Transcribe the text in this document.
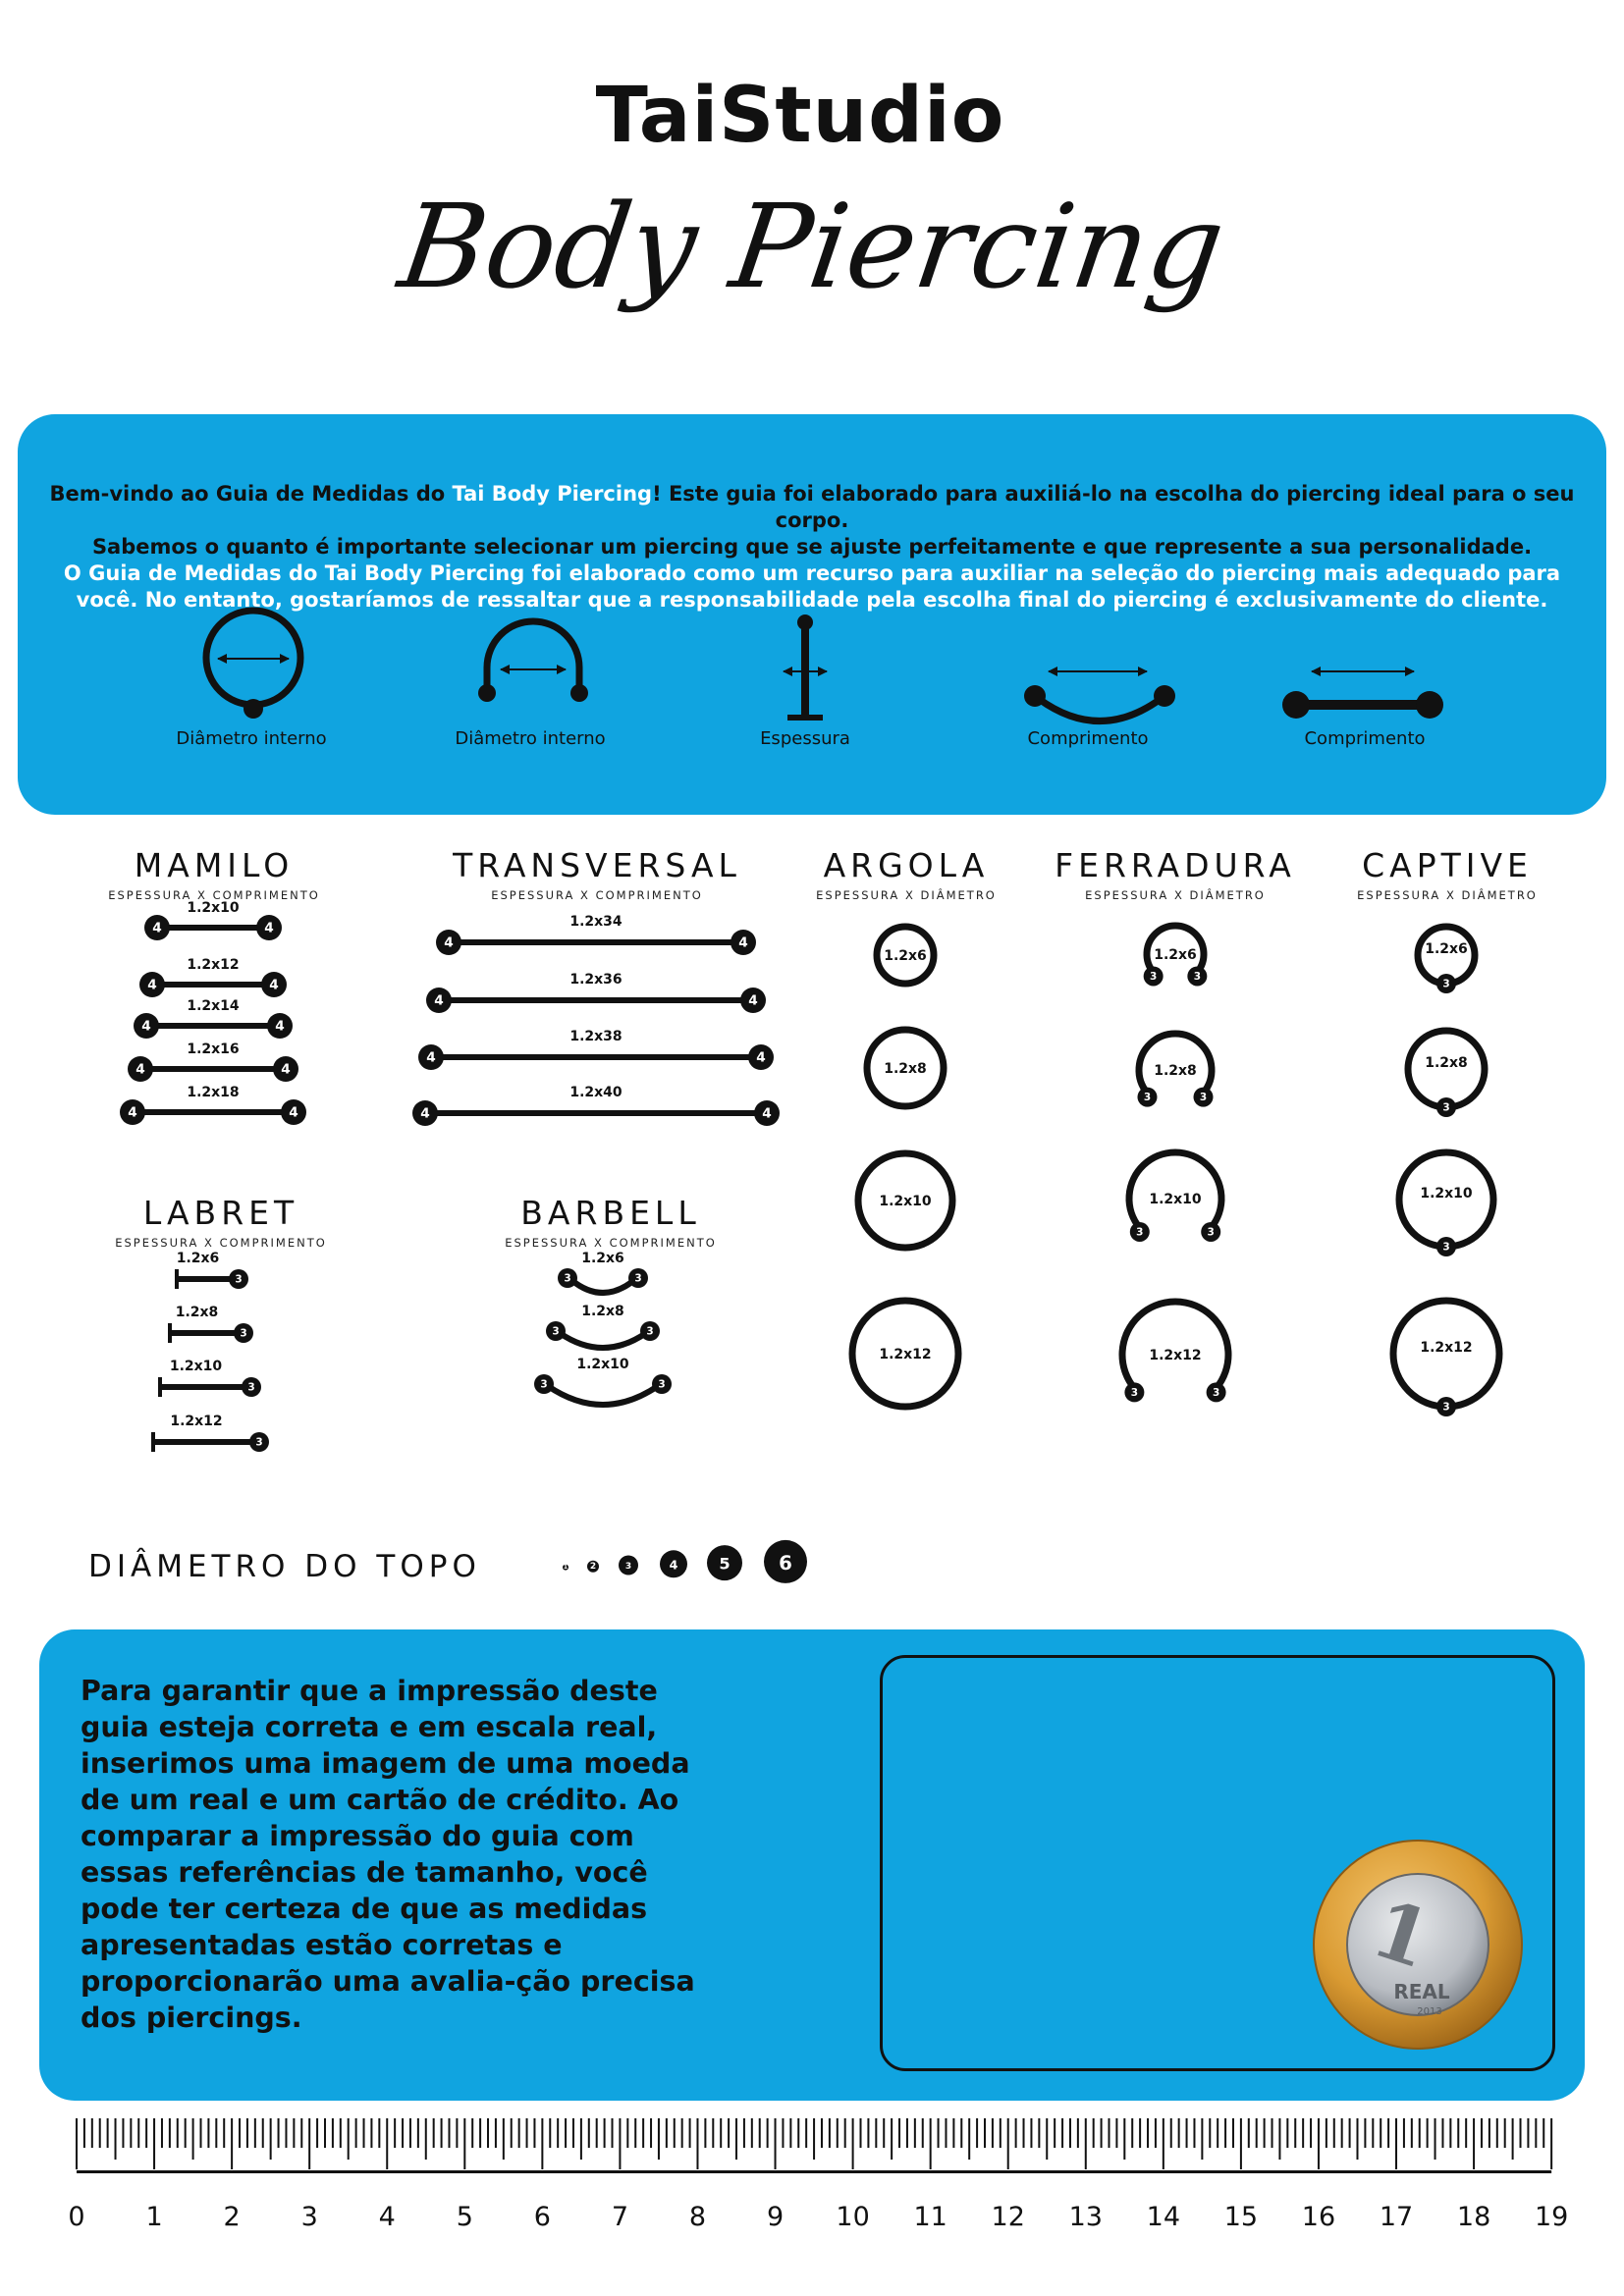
TaiStudio
Body Piercing
Bem-vindo ao Guia de Medidas do Tai Body Piercing! Este guia foi elaborado para auxiliá-lo na escolha do piercing ideal para o seu corpo.
Sabemos o quanto é importante selecionar um piercing que se ajuste perfeitamente e que represente a sua personalidade.
O Guia de Medidas do Tai Body Piercing foi elaborado como um recurso para auxiliar na seleção do piercing mais adequado para
você. No entanto, gostaríamos de ressaltar que a responsabilidade pela escolha final do piercing é exclusivamente do cliente.
Diâmetro interno	Diâmetro interno	Espessura	Comprimento	Comprimento
MAMILO
ESPESSURA X COMPRIMENTO
TRANSVERSAL
ESPESSURA X COMPRIMENTO
ARGOLA
ESPESSURA X DIÂMETRO
FERRADURA
ESPESSURA X DIÂMETRO
CAPTIVE
ESPESSURA X DIÂMETRO
LABRET
ESPESSURA X COMPRIMENTO
BARBELL
ESPESSURA X COMPRIMENTO
1.2x10
4	4
1.2x12
4	4
1.2x14
4	4
1.2x16
4	4
1.2x18
4	4
1.2x34
4	4
1.2x36
4	4
1.2x38
4	4
1.2x40
4	4
1.2x6
1.2x8
1.2x10
1.2x12
3	3
1.2x6
3	3
1.2x8
3	3
1.2x10
3	3
1.2x12
3
1.2x6
3
1.2x8
3
1.2x10
3
1.2x12
1.2x6
3
1.2x8
3
1.2x10
3
1.2x12
3
1.2x6
3	3
1.2x8
3	3
1.2x10
3	3
1	2	3	4	5 6
DIÂMETRO DO TOPO
Para garantir que a impressão deste guia esteja correta e em escala real, inserimos uma imagem de uma moeda de um real e um cartão de crédito. Ao comparar a impressão do guia com essas referências de tamanho, você pode ter certeza de que as medidas apresentadas estão corretas e proporcionarão uma avalia-ção precisa dos piercings.
1
REAL
2013
0 1 2 3 4 5 6 7 8 9 10 11 12 13 14 15 16 17 18 19
